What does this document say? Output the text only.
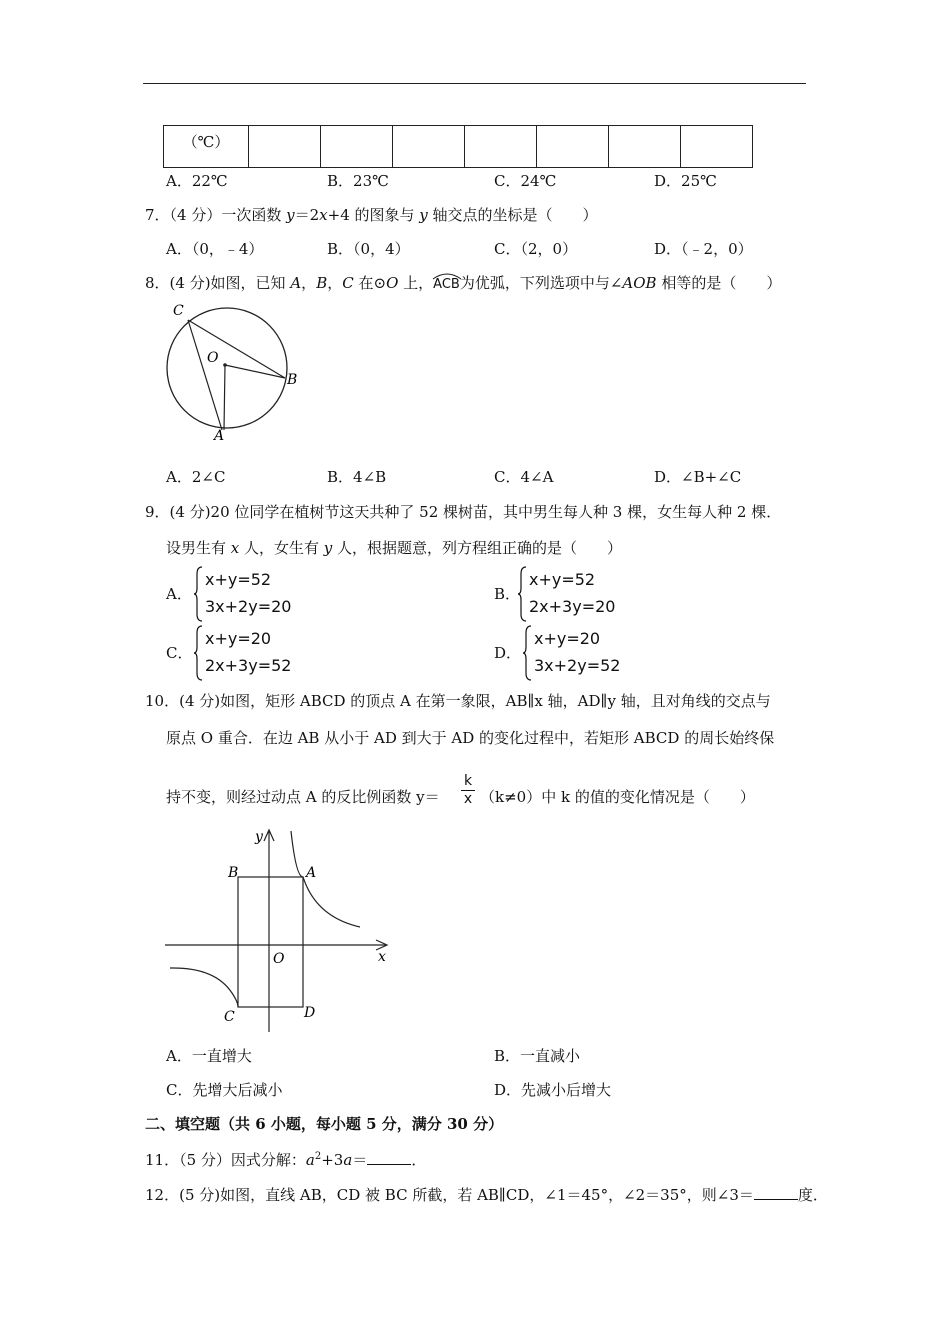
（℃）							
A．22℃	B．23℃	C．24℃	D．25℃
7．（4 分）一次函数 y＝2x+4 的图象与 y 轴交点的坐标是（　　）
A．（0，﹣4）	B．（0，4）	C．（2，0）	D．（﹣2，0）
8．(4 分)如图，已知 A，B，C 在⊙O 上，
ACB为优弧，下列选项中与∠AOB 相等的是（　　）
C
O
B
A
A．2∠C	B．4∠B	C．4∠A	D．∠B+∠C
9．(4 分)20 位同学在植树节这天共种了 52 棵树苗，其中男生每人种 3 棵，女生每人种 2 棵．
设男生有 x 人，女生有 y 人，根据题意，列方程组正确的是（　　）
A．
x+y=52
3x+2y=20
B．
x+y=52
2x+3y=20
C．
x+y=20
2x+3y=52
D．
x+y=20
3x+2y=52
10．(4 分)如图，矩形 ABCD 的顶点 A 在第一象限，AB∥x 轴，AD∥y 轴，且对角线的交点与
原点 O 重合．在边 AB 从小于 AD 到大于 AD 的变化过程中，若矩形 ABCD 的周长始终保
持不变，则经过动点 A 的反比例函数 $y= \frac{k}{x} (k\ne 0)$中 k 的值的变化情况是（　　）
y
x
A
B
C	D
O
A．一直增大	B．一直减小
C．先增大后减小	D．先减小后增大
二、填空题（共 6 小题，每小题 5 分，满分 30 分）
11．（5 分）因式分解：$a^2+3a=$	．
12．(5 分)如图，直线 AB，CD 被 BC 所截，若 AB∥CD，∠1＝45°，∠2＝35°，则∠3＝	度．
